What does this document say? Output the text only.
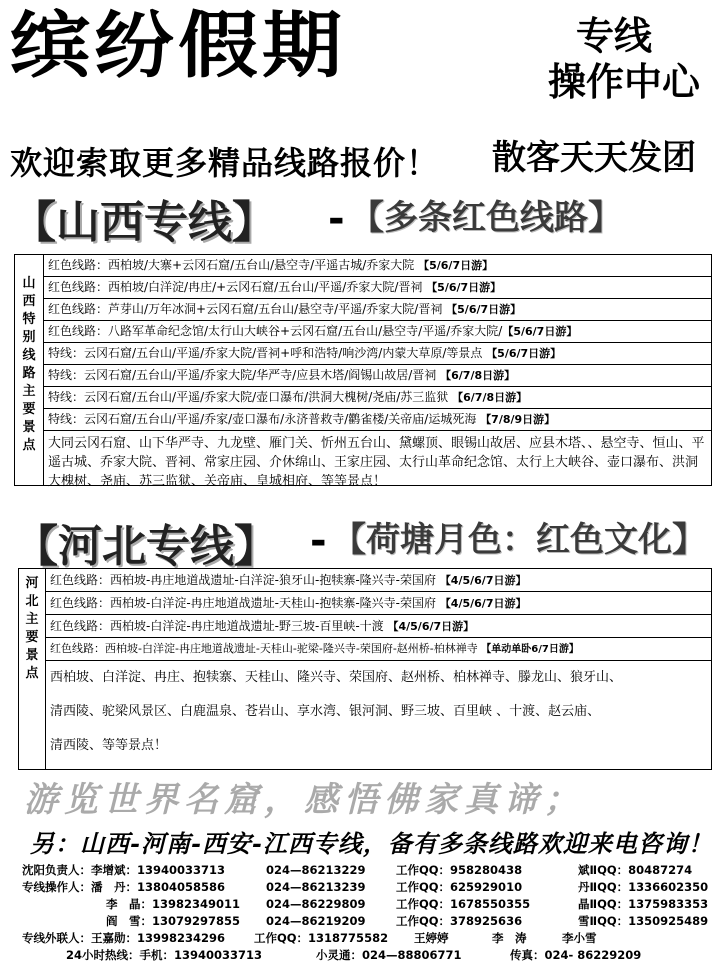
缤纷假期	专线
操作中心
欢迎索取更多精品线路报价！ 散客天天发团
【山西专线】 - 【多条红色线路】
山西特别线路主要景点
红色线路：西柏坡/大寨+云冈石窟/五台山/悬空寺/平遥古城/乔家大院 【5/6/7日游】
红色线路：西柏坡/白洋淀/冉庄/+云冈石窟/五台山/平遥/乔家大院/晋祠 【5/6/7日游】
红色线路：芦芽山/万年冰洞+云冈石窟/五台山/悬空寺/平遥/乔家大院/晋祠 【5/6/7日游】
红色线路：八路军革命纪念馆/太行山大峡谷+云冈石窟/五台山/悬空寺/平遥/乔家大院/【5/6/7日游】
特线：云冈石窟/五台山/平遥/乔家大院/晋祠+呼和浩特/响沙湾/内蒙大草原/等景点 【5/6/7日游】
特线：云冈石窟/五台山/平遥/乔家大院/华严寺/应县木塔/阎锡山故居/晋祠 【6/7/8日游】
特线：云冈石窟/五台山/平遥/乔家大院/壶口瀑布/洪洞大槐树/尧庙/苏三监狱 【6/7/8日游】
特线：云冈石窟/五台山/平遥/乔家/壶口瀑布/永济普救寺/鹳雀楼/关帝庙/运城死海 【7/8/9日游】
大同云冈石窟、山下华严寺、九龙壁、雁门关、忻州五台山、黛螺顶、眼锡山故居、应县木塔、、悬空寺、恒山、平遥古城、乔家大院、晋祠、常家庄园、介休绵山、王家庄园、太行山革命纪念馆、太行上大峡谷、壶口瀑布、洪洞大槐树、尧庙、苏三监狱、关帝庙、皇城相府、等等景点！
【河北专线】 - 【荷塘月色：红色文化】
河北主要景点
红色线路：西柏坡-冉庄地道战遗址-白洋淀-狼牙山-抱犊寨-隆兴寺-荣国府 【4/5/6/7日游】
红色线路：西柏坡-白洋淀-冉庄地道战遗址-天桂山-抱犊寨-隆兴寺-荣国府 【4/5/6/7日游】
红色线路：西柏坡-白洋淀-冉庄地道战遗址-野三坡-百里峡-十渡 【4/5/6/7日游】
红色线路：西柏坡-白洋淀-冉庄地道战遗址-天桂山-驼梁-隆兴寺-荣国府-赵州桥-柏林禅寺 【单动单卧6/7日游】
西柏坡、白洋淀、冉庄、抱犊寨、天桂山、隆兴寺、荣国府、赵州桥、柏林禅寺、滕龙山、狼牙山、
清西陵、驼梁风景区、白鹿温泉、苍岩山、享水湾、银河洞、野三坡、百里峡 、十渡、赵云庙、
清西陵、等等景点！
游览世界名窟，感悟佛家真谛；
另：山西-河南-西安-江西专线，备有多条线路欢迎来电咨询！
沈阳负责人：李增斌：13940033713	024—86213229	工作QQ：958280438	斌ⅡQQ：80487274
专线操作人：潘　丹：13804058586	024—86213239	工作QQ：625929010	丹ⅡQQ：1336602350
李　晶：13982349011 024—86229809	工作QQ：1678550355	晶ⅡQQ：1375983353
阎　雪：13079297855 024—86219209	工作QQ：378925636	雪ⅡQQ：1350925489
专线外联人：王嘉勋：13998234296	工作QQ：1318775582 王婷婷	李　涛	李小雪
24小时热线：手机：13940033713	小灵通：024—88806771	传真：024- 86229209
